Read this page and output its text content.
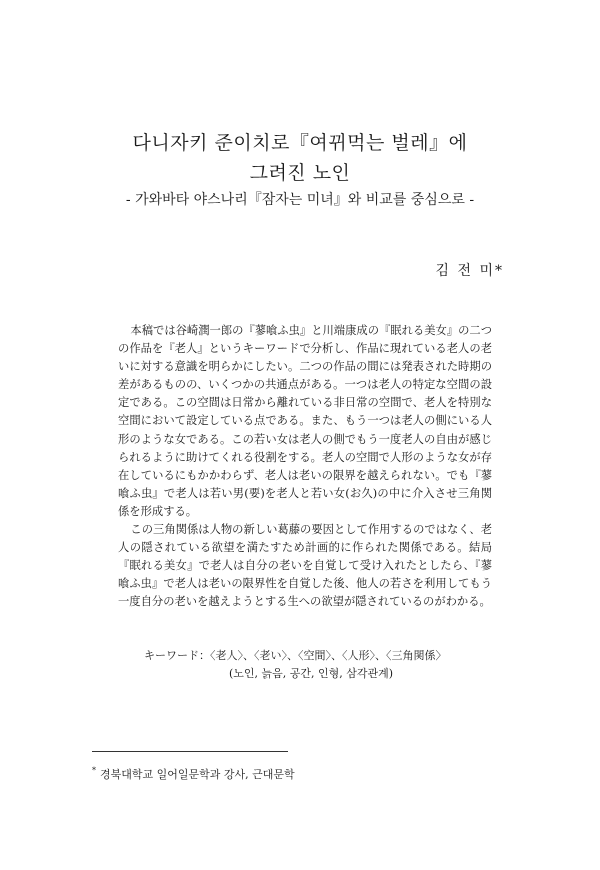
다니자키 준이치로『여뀌먹는 벌레』에
그려진 노인
- 가와바타 야스나리『잠자는 미녀』와 비교를 중심으로 -
김 전 미*

本稿では谷崎潤一郎の『蓼喰ふ虫』と川端康成の『眠れる美女』の二つの作品を『老人』というキーワードで分析し、作品に現れている老人の老いに対する意識を明らかにしたい。二つの作品の間には発表された時期の差があるものの、いくつかの共通点がある。一つは老人の特定な空間の設定である。この空間は日常から離れている非日常の空間で、老人を特別な空間において設定している点である。また、もう一つは老人の側にいる人形のような女である。この若い女は老人の側でもう一度老人の自由が感じられるように助けてくれる役割をする。老人の空間で人形のような女が存在しているにもかかわらず、老人は老いの限界を越えられない。でも『蓼喰ふ虫』で老人は若い男(要)を老人と若い女(お久)の中に介入させ三角関係を形成する。

この三角関係は人物の新しい葛藤の要因として作用するのではなく、老人の隠されている欲望を満たすため計画的に作られた関係である。結局『眠れる美女』で老人は自分の老いを自覚して受け入れたとしたら、『蓼喰ふ虫』で老人は老いの限界性を自覚した後、他人の若さを利用してもう一度自分の老いを越えようとする生への欲望が隠されているのがわかる。

キーワード：〈老人〉、〈老い〉、〈空間〉、〈人形〉、〈三角関係〉
(노인, 늙음, 공간, 인형, 삼각관계)
* 경북대학교 일어일문학과 강사, 근대문학
